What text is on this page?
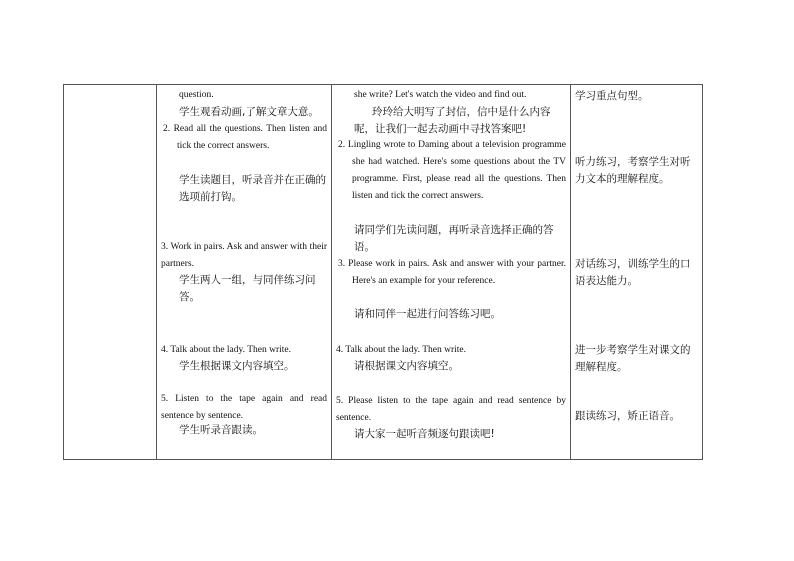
question.
学生观看动画,了解文章大意。
2. Read all the questions. Then listen and tick the correct answers.
学生读题目，听录音并在正确的选项前打钩。
3. Work in pairs. Ask and answer with their partners.
学生两人一组，与同伴练习问答。
4. Talk about the lady. Then write.
学生根据课文内容填空。
5. Listen to the tape again and read sentence by sentence.
学生听录音跟读。

she write? Let's watch the video and find out.
玲玲给大明写了封信，信中是什么内容呢，让我们一起去动画中寻找答案吧!
2. Lingling wrote to Daming about a television programme she had watched. Here's some questions about the TV programme. First, please read all the questions. Then listen and tick the correct answers.
请同学们先读问题，再听录音选择正确的答语。
3. Please work in pairs. Ask and answer with your partner. Here's an example for your reference.
请和同伴一起进行问答练习吧。
4. Talk about the lady. Then write.
请根据课文内容填空。
5. Please listen to the tape again and read sentence by sentence.
请大家一起听音频逐句跟读吧!

学习重点句型。
听力练习，考察学生对听力文本的理解程度。
对话练习，训练学生的口语表达能力。
进一步考察学生对课文的理解程度。
跟读练习，矫正语音。
